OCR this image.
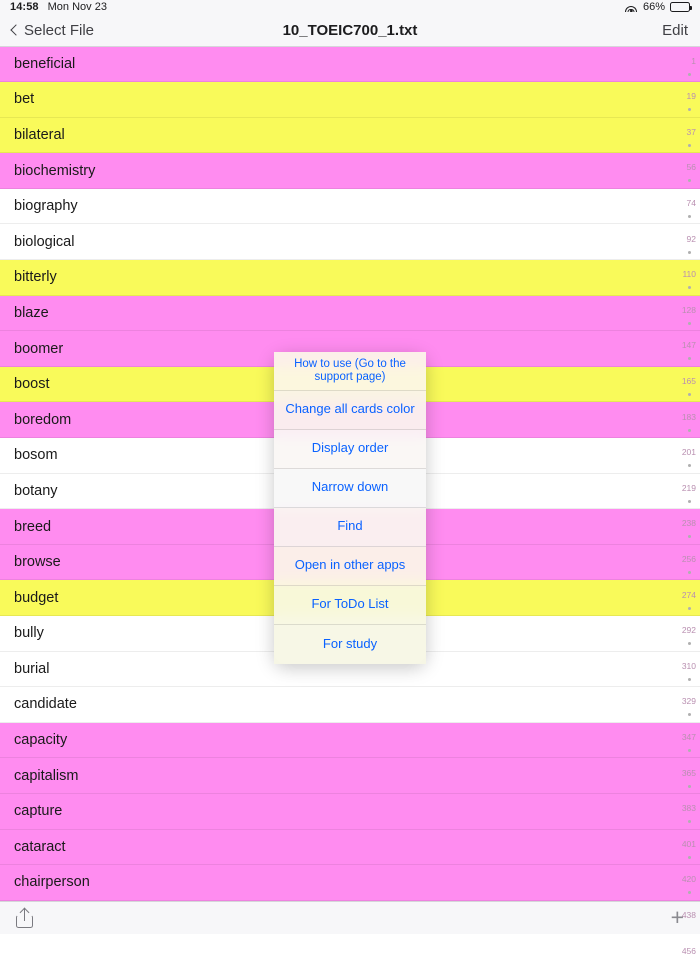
14:58 Mon Nov 23	66%
Select File	10_TOEIC700_1.txt	Edit
beneficial
bet
bilateral
biochemistry
biography
biological
bitterly
blaze
boomer
boost
boredom
bosom
botany
breed
browse
budget
bully
burial
candidate
capacity
capitalism
capture
cataract
chairperson
1
19
37
56
74
92
110
128
147
165
183
201
219
238
256
274
292
310
329
347
365
383
401
420
438
456
How to use (Go to the support page)
Change all cards color
Display order
Narrow down
Find
Open in other apps
For ToDo List
For study
+
